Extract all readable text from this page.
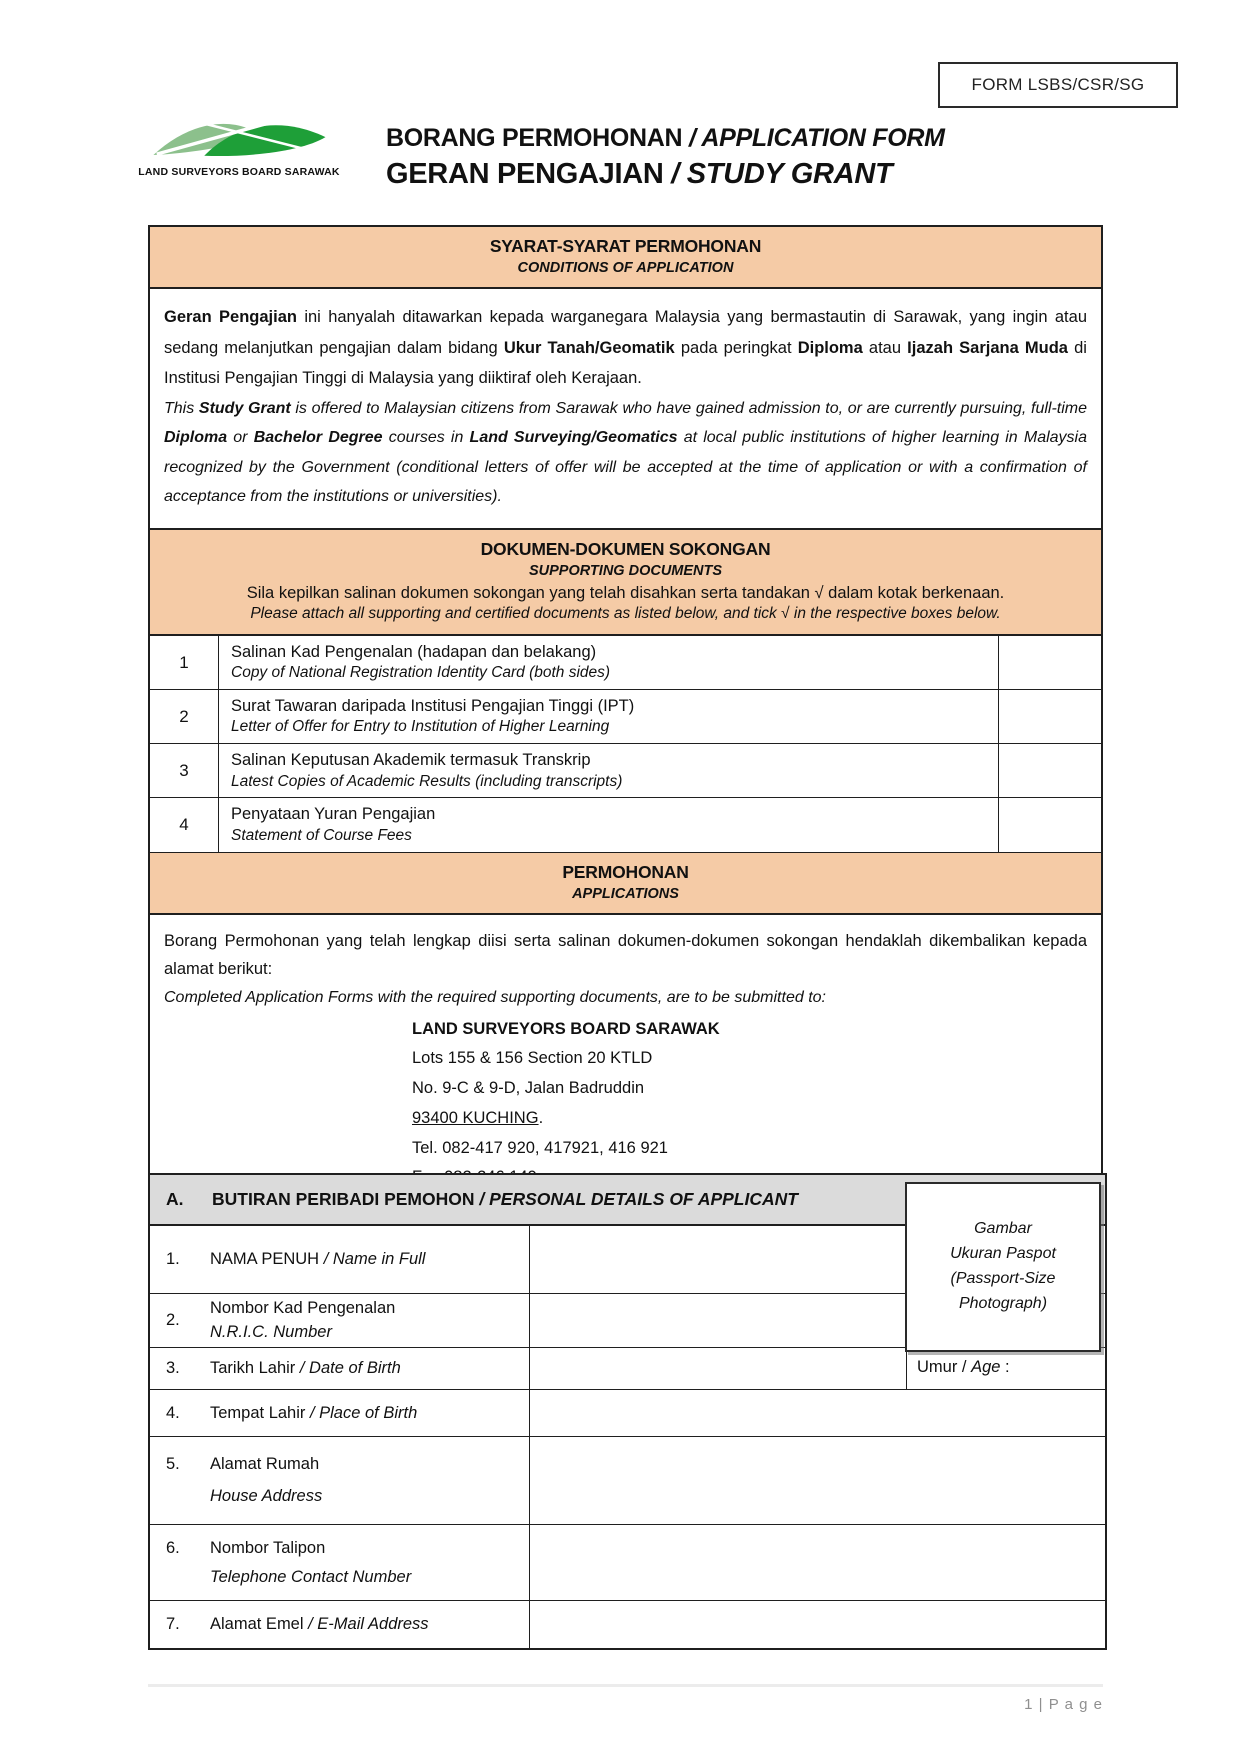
FORM LSBS/CSR/SG
LAND SURVEYORS BOARD SARAWAK
BORANG PERMOHONAN / APPLICATION FORM
GERAN PENGAJIAN / STUDY GRANT
SYARAT-SYARAT PERMOHONAN
CONDITIONS OF APPLICATION

Geran Pengajian ini hanyalah ditawarkan kepada warganegara Malaysia yang bermastautin di Sarawak, yang ingin atau sedang melanjutkan pengajian dalam bidang Ukur Tanah/Geomatik pada peringkat Diploma atau Ijazah Sarjana Muda di Institusi Pengajian Tinggi di Malaysia yang diiktiraf oleh Kerajaan.

This Study Grant is offered to Malaysian citizens from Sarawak who have gained admission to, or are currently pursuing, full-time Diploma or Bachelor Degree courses in Land Surveying/Geomatics at local public institutions of higher learning in Malaysia recognized by the Government (conditional letters of offer will be accepted at the time of application or with a confirmation of acceptance from the institutions or universities).

DOKUMEN-DOKUMEN SOKONGAN
SUPPORTING DOCUMENTS
Sila kepilkan salinan dokumen sokongan yang telah disahkan serta tandakan √ dalam kotak berkenaan.
Please attach all supporting and certified documents as listed below, and tick √ in the respective boxes below.
1
Salinan Kad Pengenalan (hadapan dan belakang)
Copy of National Registration Identity Card (both sides)
2
Surat Tawaran daripada Institusi Pengajian Tinggi (IPT)
Letter of Offer for Entry to Institution of Higher Learning
3
Salinan Keputusan Akademik termasuk Transkrip
Latest Copies of Academic Results (including transcripts)
4
Penyataan Yuran Pengajian
Statement of Course Fees
PERMOHONAN
APPLICATIONS

Borang Permohonan yang telah lengkap diisi serta salinan dokumen-dokumen sokongan hendaklah dikembalikan kepada alamat berikut:

Completed Application Forms with the required supporting documents, are to be submitted to:
LAND SURVEYORS BOARD SARAWAK
Lots 155 & 156 Section 20 KTLD
No. 9-C & 9-D, Jalan Badruddin
93400 KUCHING.
Tel. 082-417 920, 417921, 416 921
A.	BUTIRAN PERIBADI PEMOHON / PERSONAL DETAILS OF APPLICANT
1.	NAMA PENUH / Name in Full
2.
Nombor Kad Pengenalan
N.R.I.C. Number
3.	Tarikh Lahir / Date of Birth	Umur / Age :
4.	Tempat Lahir / Place of Birth
5.	Alamat Rumah
House Address
6.	Nombor Talipon
Telephone Contact Number
7.	Alamat Emel / E-Mail Address
Gambar
Ukuran Paspot
(Passport-Size
Photograph)
1 | P a g e
